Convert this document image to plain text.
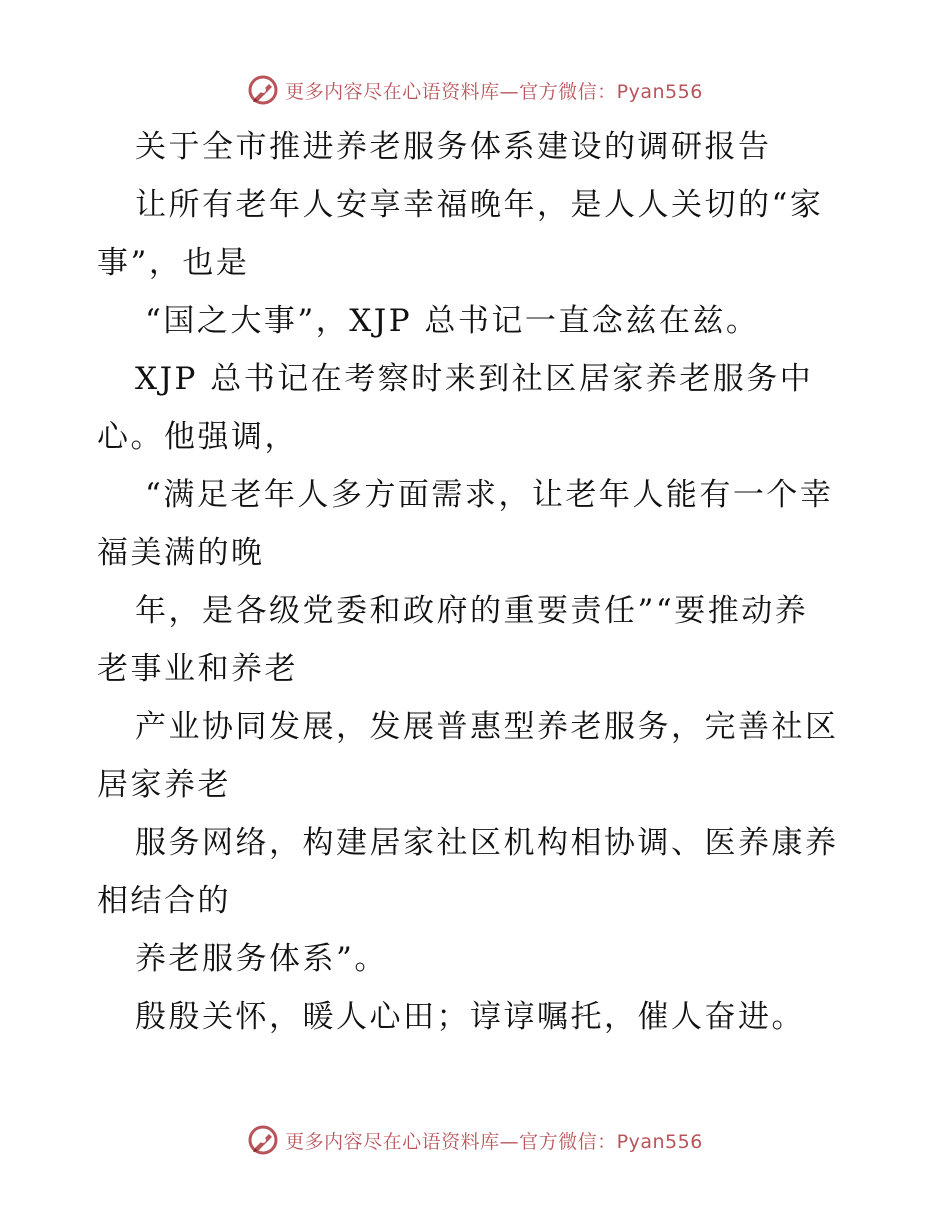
更多内容尽在心语资料库—官方微信：Pyan556
关于全市推进养老服务体系建设的调研报告
让所有老年人安享幸福晚年，是人人关切的“家
事”，也是
“国之大事”，XJP 总书记一直念兹在兹。
XJP 总书记在考察时来到社区居家养老服务中
心。他强调，
“满足老年人多方面需求，让老年人能有一个幸
福美满的晚
年，是各级党委和政府的重要责任”“要推动养
老事业和养老
产业协同发展，发展普惠型养老服务，完善社区
居家养老
服务网络，构建居家社区机构相协调、医养康养
相结合的
养老服务体系”。
殷殷关怀，暖人心田；谆谆嘱托，催人奋进。
更多内容尽在心语资料库—官方微信：Pyan556
